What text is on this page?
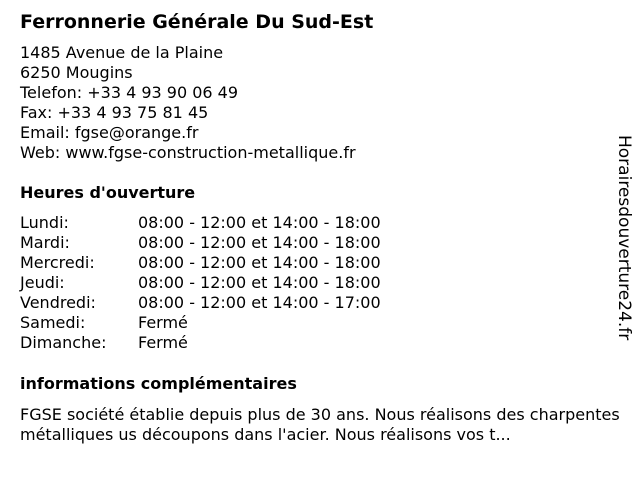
Ferronnerie Générale Du Sud-Est
1485 Avenue de la Plaine
6250 Mougins
Telefon: +33 4 93 90 06 49
Fax: +33 4 93 75 81 45
Email: fgse@orange.fr
Web: www.fgse-construction-metallique.fr
Heures d'ouverture
Lundi:	08:00 - 12:00 et 14:00 - 18:00
Mardi:	08:00 - 12:00 et 14:00 - 18:00
Mercredi:	08:00 - 12:00 et 14:00 - 18:00
Jeudi:	08:00 - 12:00 et 14:00 - 18:00
Vendredi:	08:00 - 12:00 et 14:00 - 17:00
Samedi:	Fermé
Dimanche:	Fermé
informations complémentaires
FGSE société établie depuis plus de 30 ans. Nous réalisons des charpentes métalliques us découpons dans l'acier. Nous réalisons vos t...
Horairesdouverture24.fr
